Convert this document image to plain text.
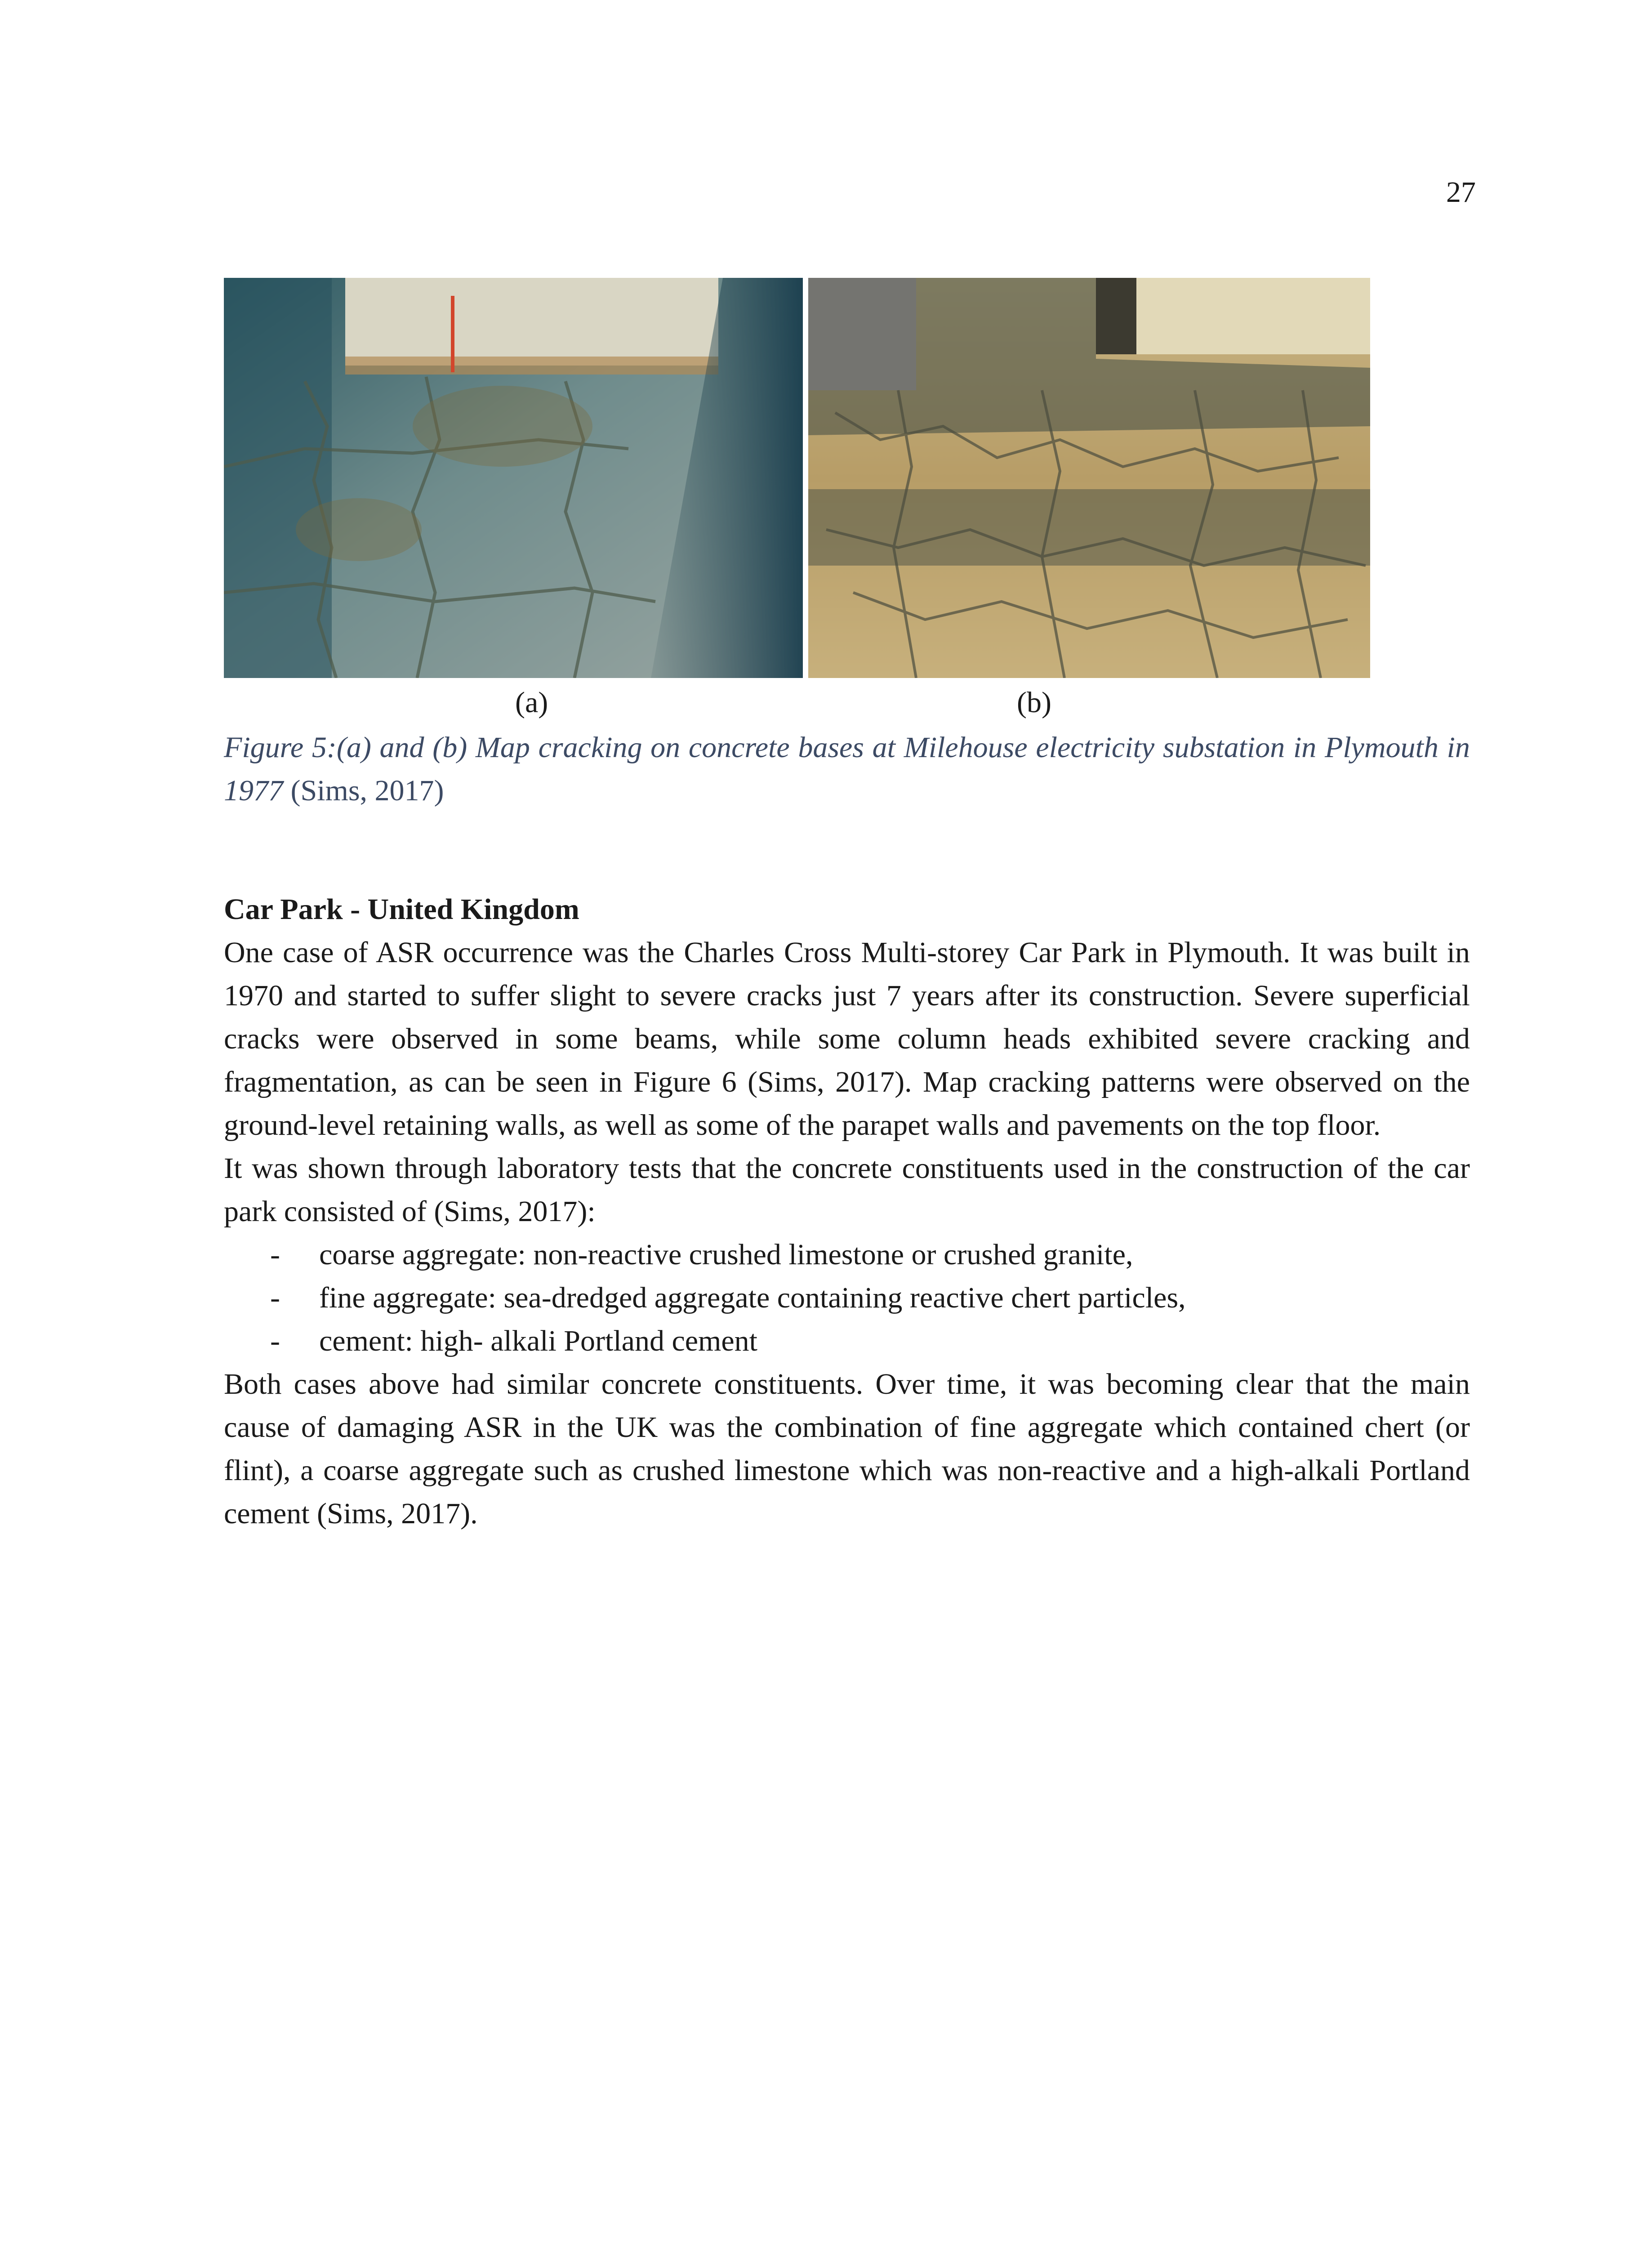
27
(a)	(b)
Figure 5:(a) and (b) Map cracking on concrete bases at Milehouse electricity substation in Plymouth in 1977 (Sims, 2017)

Car Park - United Kingdom

One case of ASR occurrence was the Charles Cross Multi-storey Car Park in Plymouth. It was built in 1970 and started to suffer slight to severe cracks just 7 years after its construction. Severe superficial cracks were observed in some beams, while some column heads exhibited severe cracking and fragmentation, as can be seen in Figure 6 (Sims, 2017). Map cracking patterns were observed on the ground-level retaining walls, as well as some of the parapet walls and pavements on the top floor.

It was shown through laboratory tests that the concrete constituents used in the construction of the car park consisted of (Sims, 2017):

- coarse aggregate: non-reactive crushed limestone or crushed granite,
- fine aggregate: sea-dredged aggregate containing reactive chert particles,
- cement: high- alkali Portland cement

Both cases above had similar concrete constituents. Over time, it was becoming clear that the main cause of damaging ASR in the UK was the combination of fine aggregate which contained chert (or flint), a coarse aggregate such as crushed limestone which was non-reactive and a high-alkali Portland cement (Sims, 2017).
